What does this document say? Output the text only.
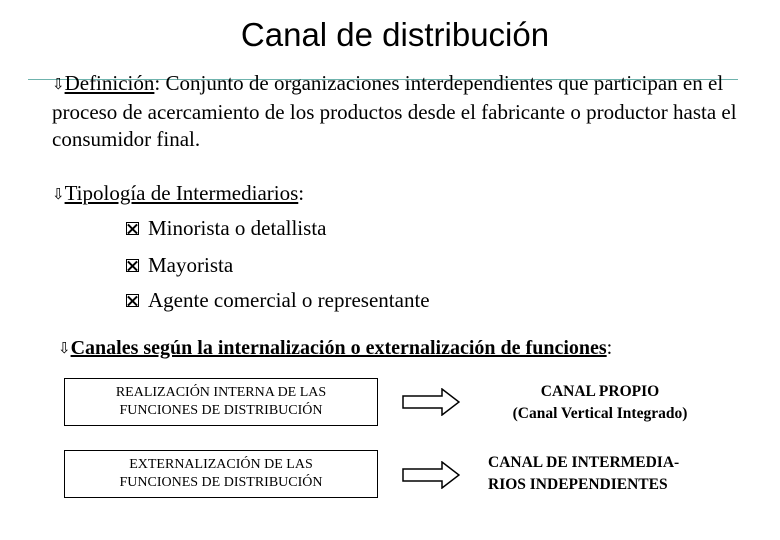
Canal de distribución
⇩Definición: Conjunto de organizaciones interdependientes que participan en el proceso de acercamiento de los productos desde el fabricante o productor hasta el consumidor final.
⇩Tipología de Intermediarios:
Minorista o detallista
Mayorista
Agente comercial o representante
⇩Canales según la internalización o externalización de funciones:
REALIZACIÓN INTERNA DE LAS
FUNCIONES DE DISTRIBUCIÓN
CANAL PROPIO
(Canal Vertical Integrado)
EXTERNALIZACIÓN DE LAS
FUNCIONES DE DISTRIBUCIÓN
CANAL DE INTERMEDIA-
RIOS INDEPENDIENTES
